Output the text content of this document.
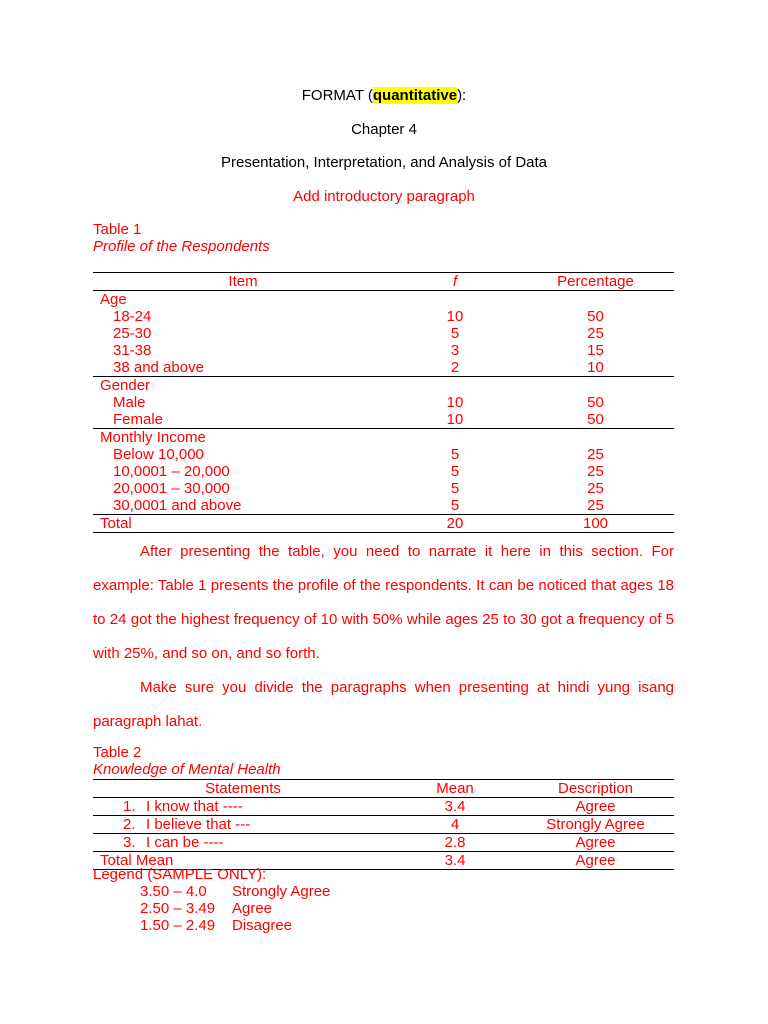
FORMAT (quantitative):
Chapter 4
Presentation, Interpretation, and Analysis of Data
Add introductory paragraph
Table 1
Profile of the Respondents
Item	f	Percentage
Age		
18-24	10	50
25-30	5	25
31-38	3	15
38 and above	2	10
Gender		
Male	10	50
Female	10	50
Monthly Income		
Below 10,000	5	25
10,0001 – 20,000	5	25
20,0001 – 30,000	5	25
30,0001 and above	5	25
Total	20	100
After presenting the table, you need to narrate it here in this section. For example: Table 1 presents the profile of the respondents. It can be noticed that ages 18 to 24 got the highest frequency of 10 with 50% while ages 25 to 30 got a frequency of 5 with 25%, and so on, and so forth.
Make sure you divide the paragraphs when presenting at hindi yung isang paragraph lahat.
Table 2
Knowledge of Mental Health
Statements	Mean	Description
1. I know that ----	3.4	Agree
2. I believe that ---	4	Strongly Agree
3. I can be ----	2.8	Agree
Total Mean	3.4	Agree
Legend (SAMPLE ONLY):
3.50 – 4.0 Strongly Agree
2.50 – 3.49 Agree
1.50 – 2.49 Disagree
